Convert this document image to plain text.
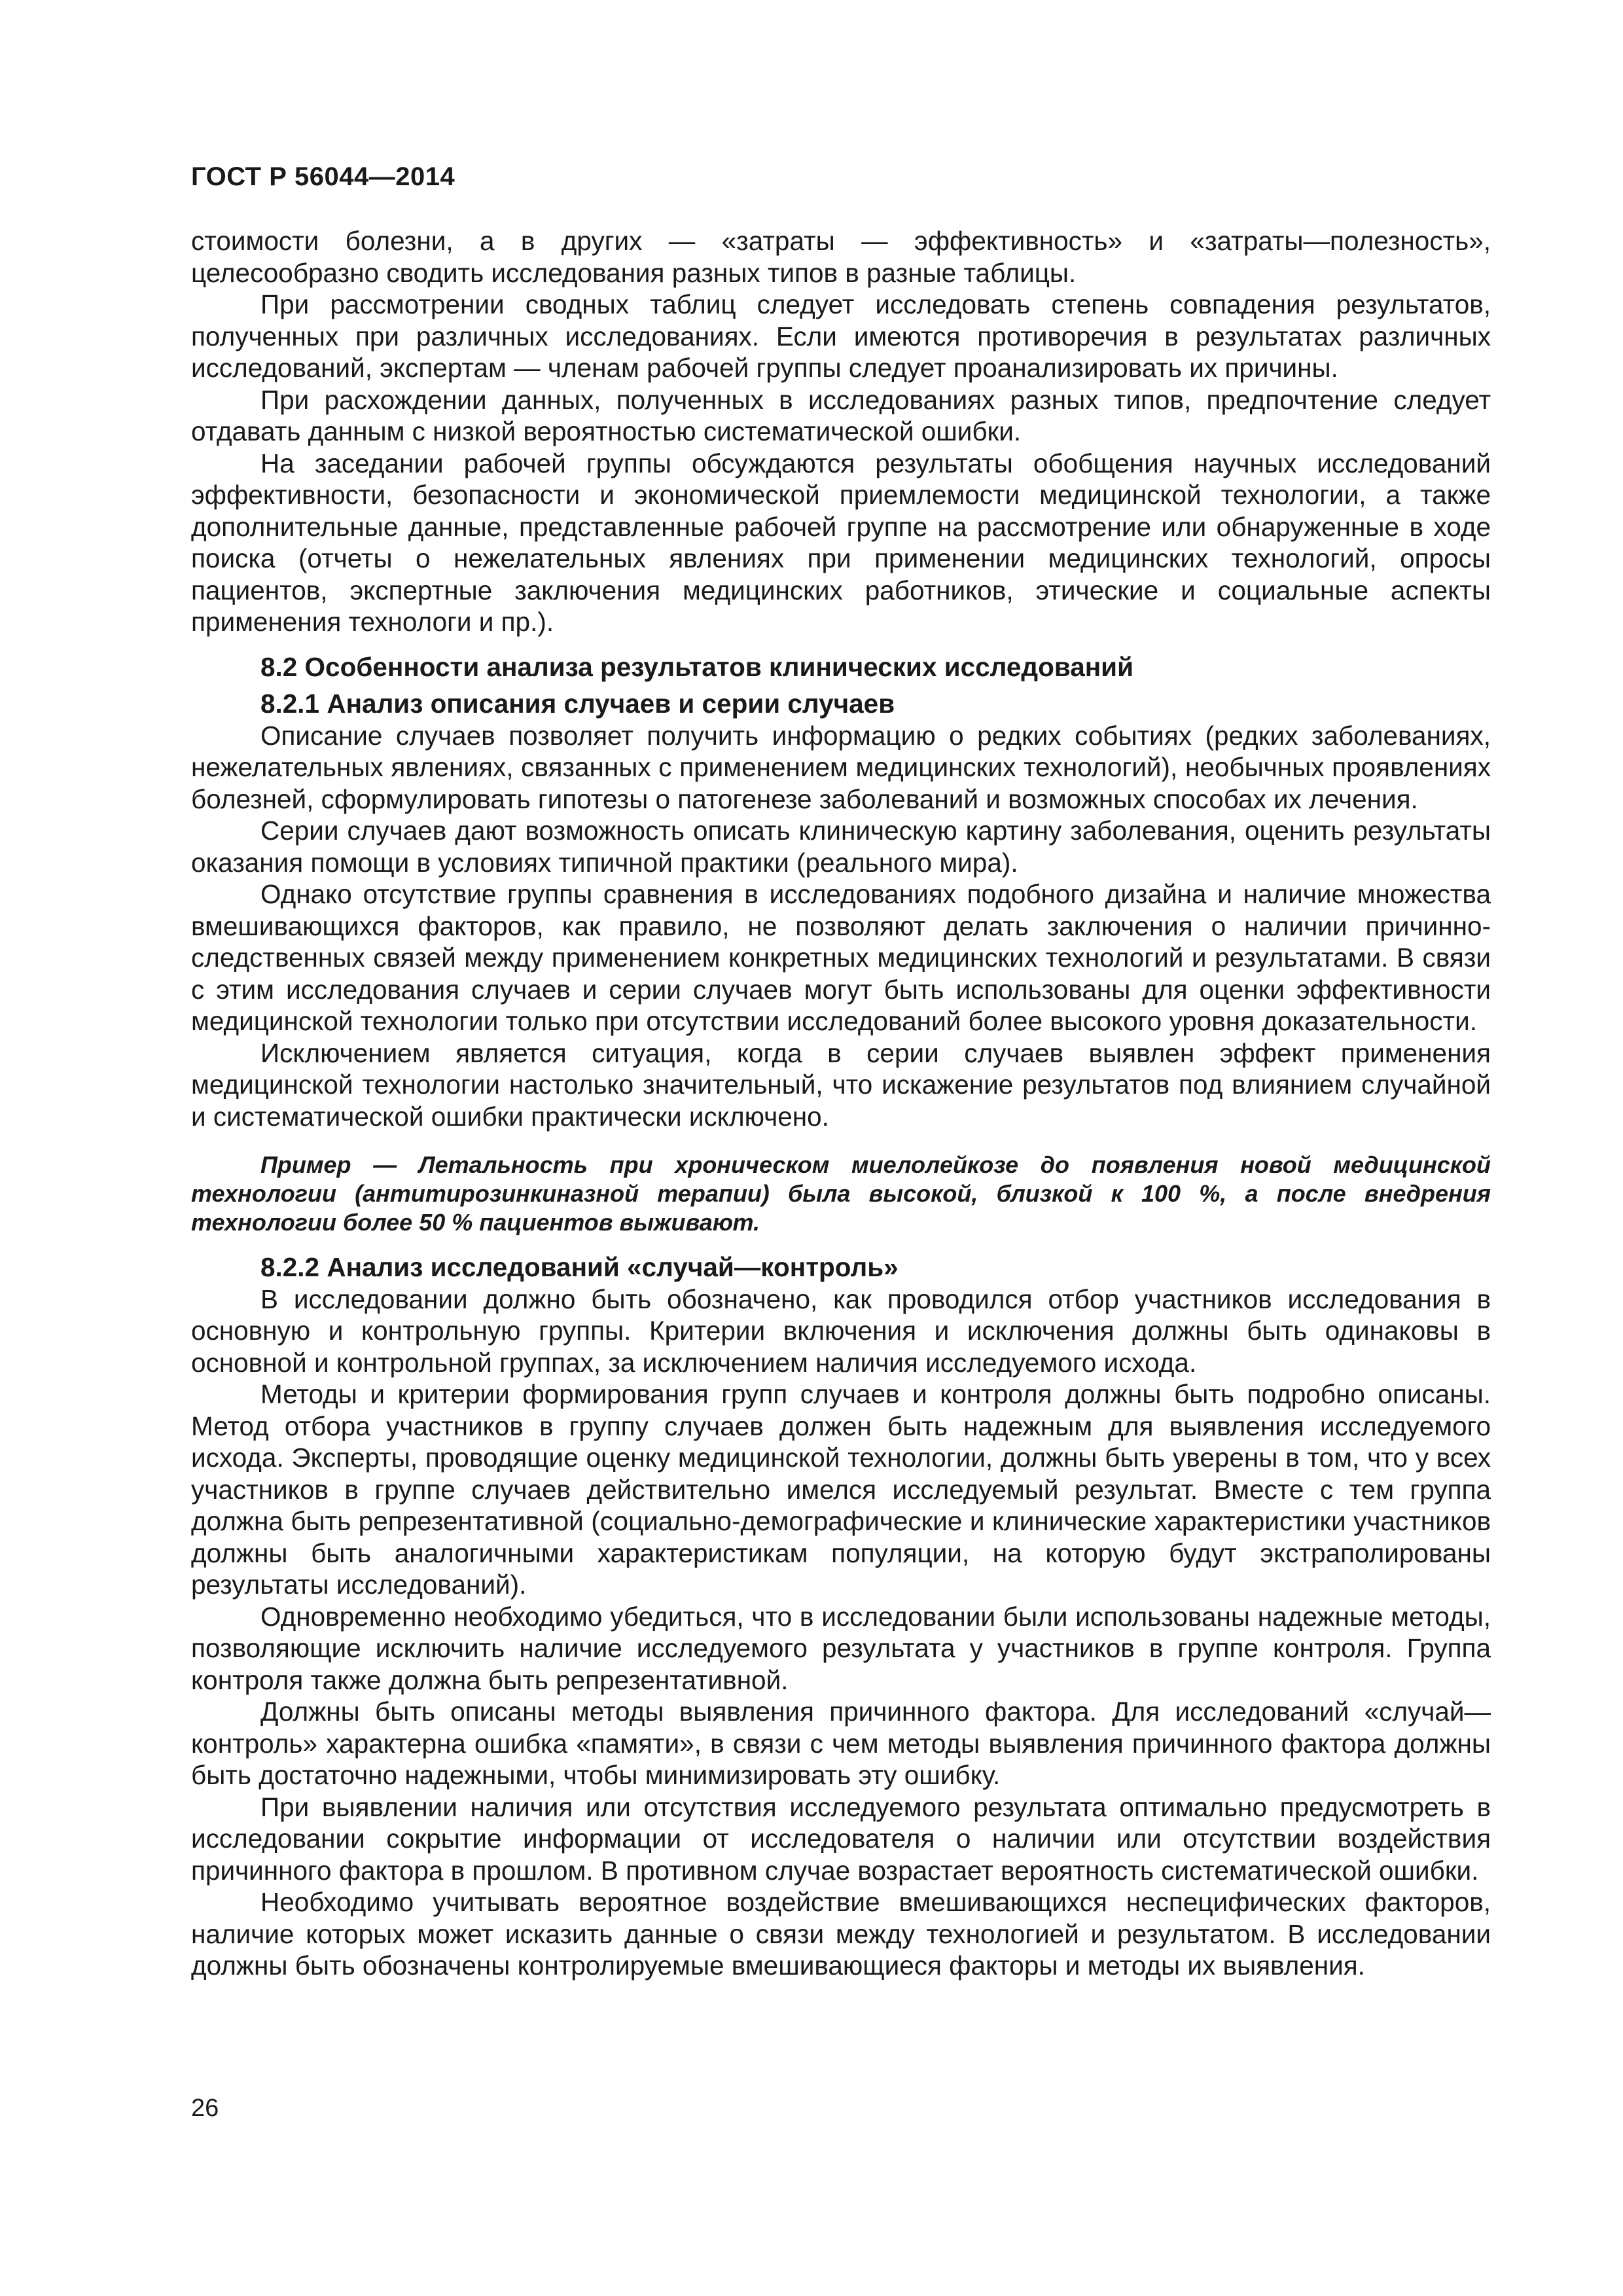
ГОСТ Р 56044—2014

стоимости болезни, а в других — «затраты — эффективность» и «затраты—полезность», целесообразно сводить исследования разных типов в разные таблицы.

При рассмотрении сводных таблиц следует исследовать степень совпадения результатов, полученных при различных исследованиях. Если имеются противоречия в результатах различных исследований, экспертам — членам рабочей группы следует проанализировать их причины.

При расхождении данных, полученных в исследованиях разных типов, предпочтение следует отдавать данным с низкой вероятностью систематической ошибки.

На заседании рабочей группы обсуждаются результаты обобщения научных исследований эффективности, безопасности и экономической приемлемости медицинской технологии, а также дополнительные данные, представленные рабочей группе на рассмотрение или обнаруженные в ходе поиска (отчеты о нежелательных явлениях при применении медицинских технологий, опросы пациентов, экспертные заключения медицинских работников, этические и социальные аспекты применения технологи и пр.).

8.2 Особенности анализа результатов клинических исследований

8.2.1 Анализ описания случаев и серии случаев

Описание случаев позволяет получить информацию о редких событиях (редких заболеваниях, нежелательных явлениях, связанных с применением медицинских технологий), необычных проявлениях болезней, сформулировать гипотезы о патогенезе заболеваний и возможных способах их лечения.

Серии случаев дают возможность описать клиническую картину заболевания, оценить результаты оказания помощи в условиях типичной практики (реального мира).

Однако отсутствие группы сравнения в исследованиях подобного дизайна и наличие множества вмешивающихся факторов, как правило, не позволяют делать заключения о наличии причинно-следственных связей между применением конкретных медицинских технологий и результатами. В связи с этим исследования случаев и серии случаев могут быть использованы для оценки эффективности медицинской технологии только при отсутствии исследований более высокого уровня доказательности.

Исключением является ситуация, когда в серии случаев выявлен эффект применения медицинской технологии настолько значительный, что искажение результатов под влиянием случайной и систематической ошибки практически исключено.

Пример — Летальность при хроническом миелолейкозе до появления новой медицинской технологии (антитирозинкиназной терапии) была высокой, близкой к 100 %, а после внедрения технологии более 50 % пациентов выживают.

8.2.2 Анализ исследований «случай—контроль»

В исследовании должно быть обозначено, как проводился отбор участников исследования в основную и контрольную группы. Критерии включения и исключения должны быть одинаковы в основной и контрольной группах, за исключением наличия исследуемого исхода.

Методы и критерии формирования групп случаев и контроля должны быть подробно описаны. Метод отбора участников в группу случаев должен быть надежным для выявления исследуемого исхода. Эксперты, проводящие оценку медицинской технологии, должны быть уверены в том, что у всех участников в группе случаев действительно имелся исследуемый результат. Вместе с тем группа должна быть репрезентативной (социально-демографические и клинические характеристики участников должны быть аналогичными характеристикам популяции, на которую будут экстраполированы результаты исследований).

Одновременно необходимо убедиться, что в исследовании были использованы надежные методы, позволяющие исключить наличие исследуемого результата у участников в группе контроля. Группа контроля также должна быть репрезентативной.

Должны быть описаны методы выявления причинного фактора. Для исследований «случай—контроль» характерна ошибка «памяти», в связи с чем методы выявления причинного фактора должны быть достаточно надежными, чтобы минимизировать эту ошибку.

При выявлении наличия или отсутствия исследуемого результата оптимально предусмотреть в исследовании сокрытие информации от исследователя о наличии или отсутствии воздействия причинного фактора в прошлом. В противном случае возрастает вероятность систематической ошибки.

Необходимо учитывать вероятное воздействие вмешивающихся неспецифических факторов, наличие которых может исказить данные о связи между технологией и результатом. В исследовании должны быть обозначены контролируемые вмешивающиеся факторы и методы их выявления.

26
